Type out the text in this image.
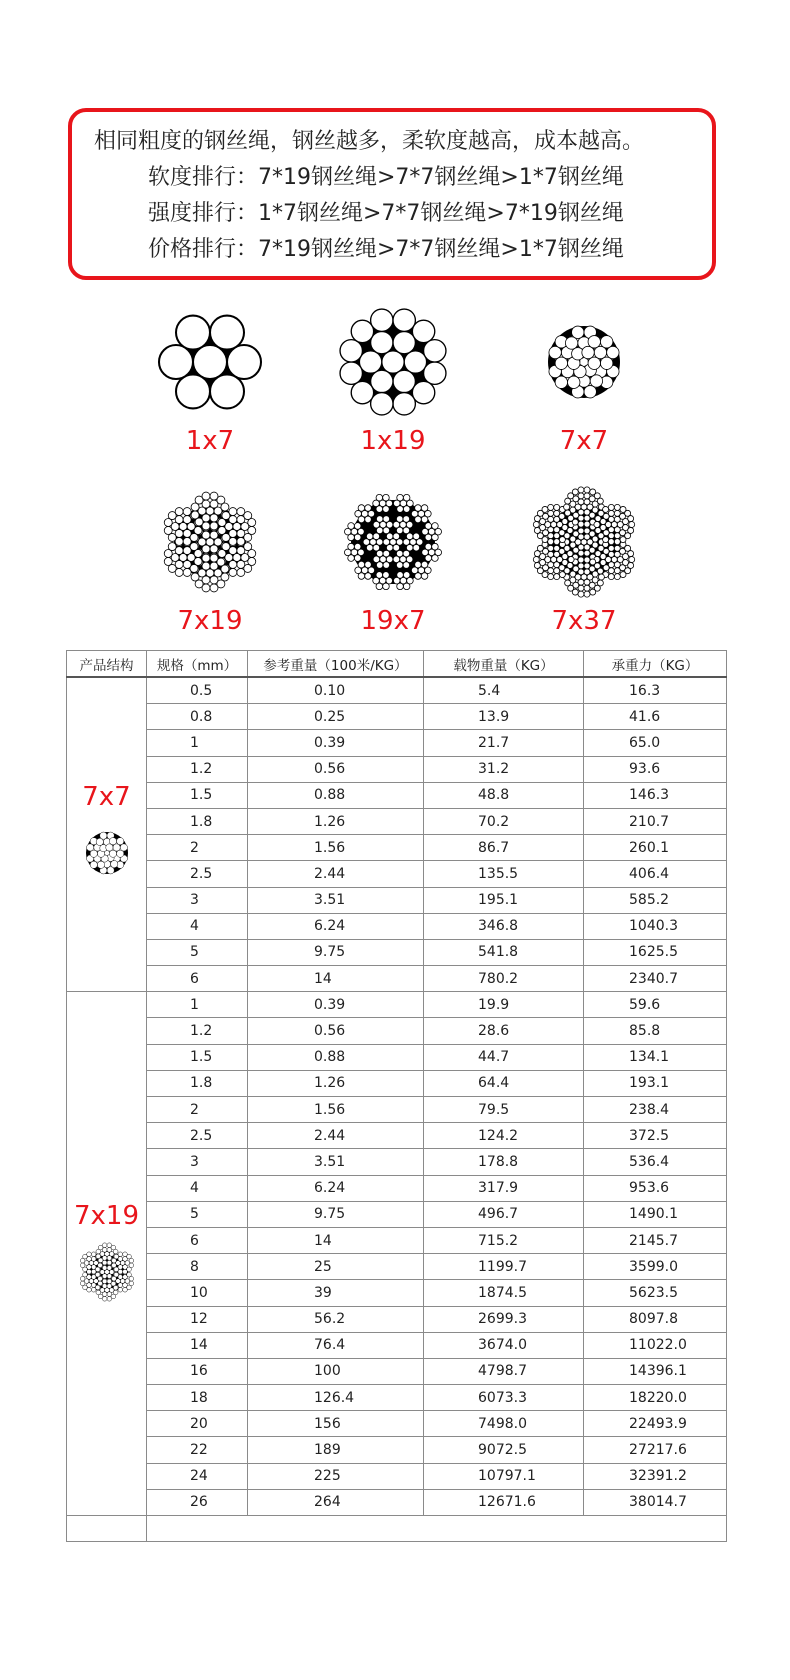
相同粗度的钢丝绳，钢丝越多，柔软度越高，成本越高。
软度排行：7*19钢丝绳>7*7钢丝绳>1*7钢丝绳
强度排行：1*7钢丝绳>7*7钢丝绳>7*19钢丝绳
价格排行：7*19钢丝绳>7*7钢丝绳>1*7钢丝绳
1x7	1x19	7x7
7x19	19x7	7x37
产品结构	规格（mm）	参考重量（100米/KG）	载物重量（KG）	承重力（KG）

7x7	0.5	0.10	5.4	16.3
	0.8	0.25	13.9	41.6
	1	0.39	21.7	65.0
	1.2	0.56	31.2	93.6
	1.5	0.88	48.8	146.3
	1.8	1.26	70.2	210.7
	2	1.56	86.7	260.1
	2.5	2.44	135.5	406.4
	3	3.51	195.1	585.2
	4	6.24	346.8	1040.3
	5	9.75	541.8	1625.5
	6	14	780.2	2340.7

7x19	1	0.39	19.9	59.6
	1.2	0.56	28.6	85.8
	1.5	0.88	44.7	134.1
	1.8	1.26	64.4	193.1
	2	1.56	79.5	238.4
	2.5	2.44	124.2	372.5
	3	3.51	178.8	536.4
	4	6.24	317.9	953.6
	5	9.75	496.7	1490.1
	6	14	715.2	2145.7
	8	25	1199.7	3599.0
	10	39	1874.5	5623.5
	12	56.2	2699.3	8097.8
	14	76.4	3674.0	11022.0
	16	100	4798.7	14396.1
	18	126.4	6073.3	18220.0
	20	156	7498.0	22493.9
	22	189	9072.5	27217.6
	24	225	10797.1	32391.2
	26	264	12671.6	38014.7
